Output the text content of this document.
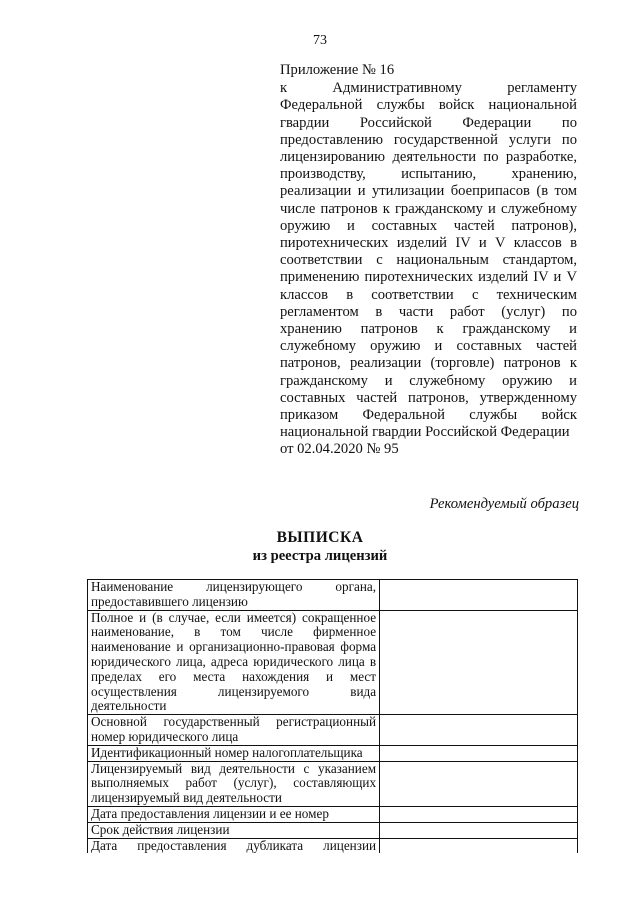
73

Приложение № 16

к Административному регламенту Федеральной службы войск национальной гвардии Российской Федерации по предоставлению государственной услуги по лицензированию деятельности по разработке, производству, испытанию, хранению, реализации и утилизации боеприпасов (в том числе патронов к гражданскому и служебному оружию и составных частей патронов), пиротехнических изделий IV и V классов в соответствии с национальным стандартом, применению пиротехнических изделий IV и V классов в соответствии с техническим регламентом в части работ (услуг) по хранению патронов к гражданскому и служебному оружию и составных частей патронов, реализации (торговле) патронов к гражданскому и служебному оружию и составных частей патронов, утвержденному приказом Федеральной службы войск национальной гвардии Российской Федерации

от 02.04.2020 № 95

Рекомендуемый образец
ВЫПИСКА
из реестра лицензий
Наименование лицензирующего органа, предоставившего лицензию	
Полное и (в случае, если имеется) сокращенное наименование, в том числе фирменное наименование и организационно-правовая форма юридического лица, адреса юридического лица в пределах его места нахождения и мест осуществления лицензируемого вида деятельности	
Основной государственный регистрационный номер юридического лица	
Идентификационный номер налогоплательщика	
Лицензируемый вид деятельности с указанием выполняемых работ (услуг), составляющих лицензируемый вид деятельности	
Дата предоставления лицензии и ее номер	
Срок действия лицензии	
Дата предоставления дубликата лицензии	
